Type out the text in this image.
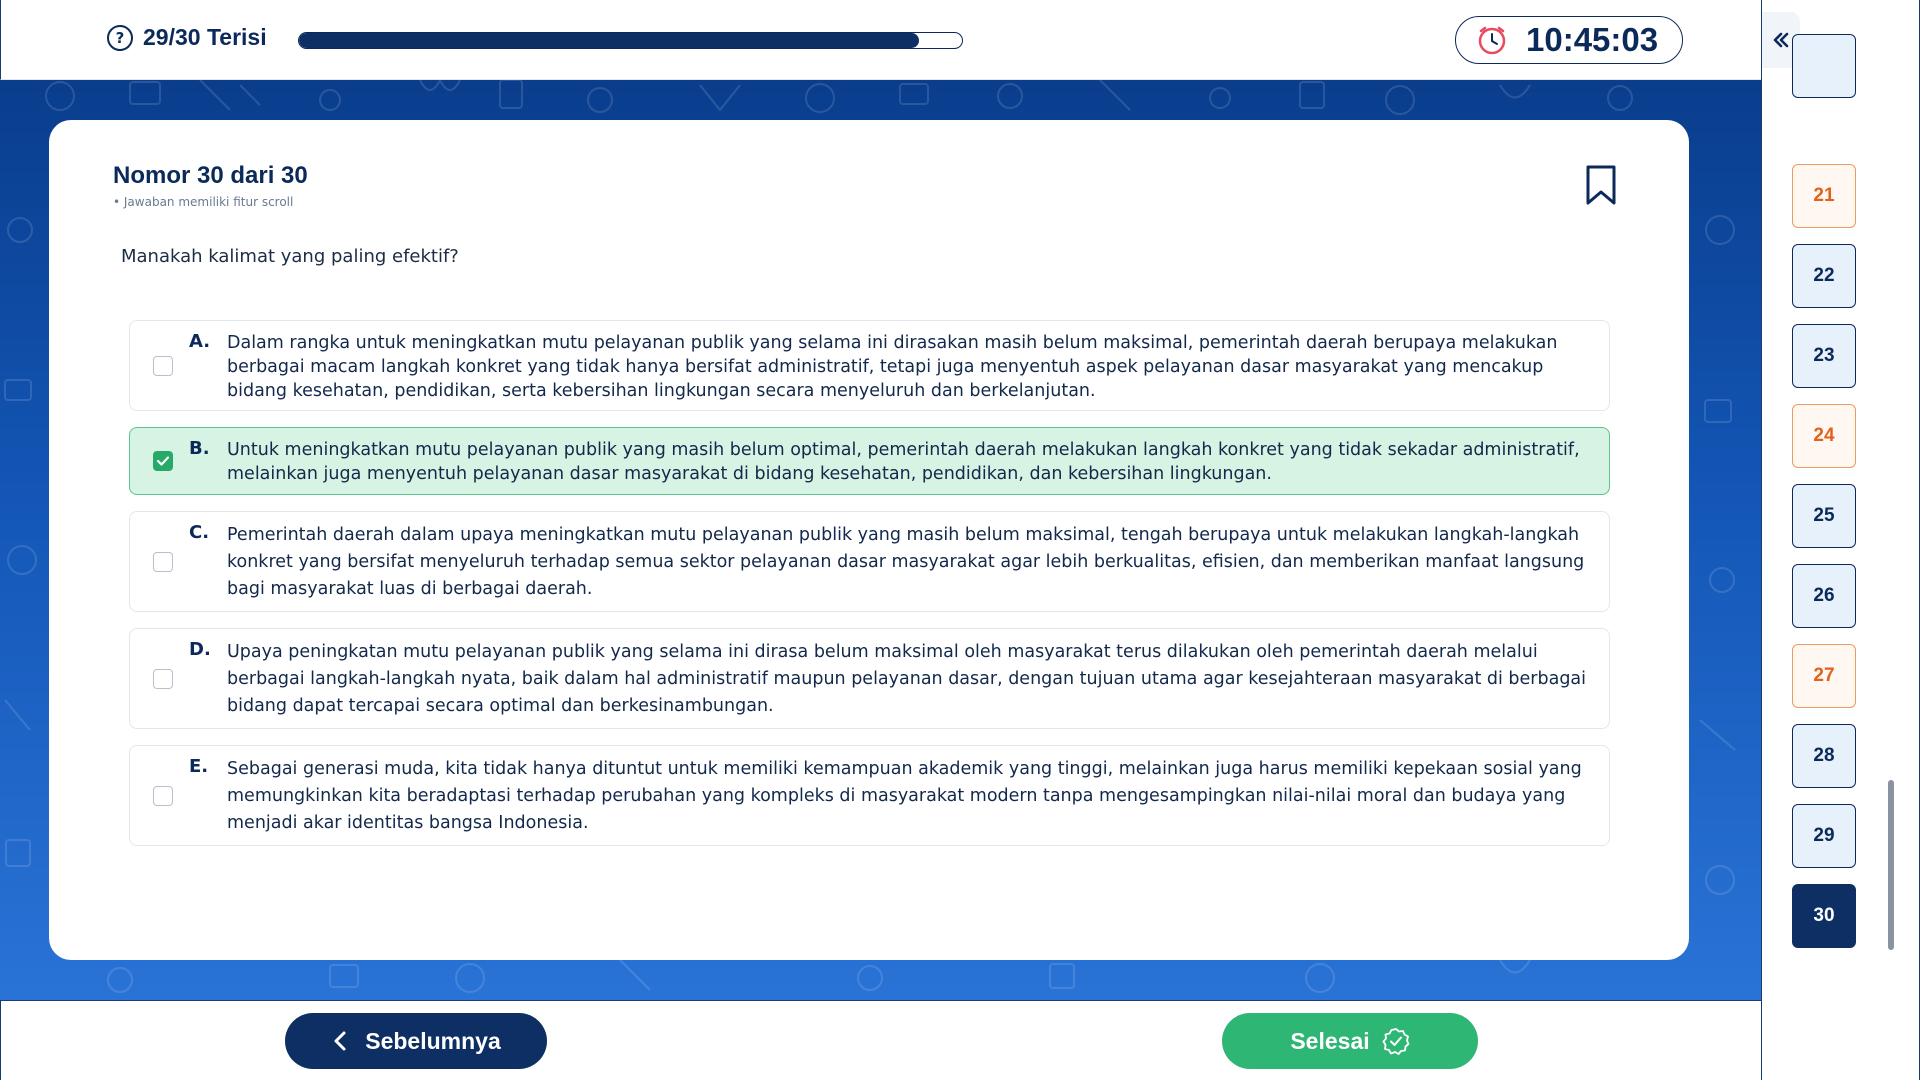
? 29/30 Terisi	10:45:03
Nomor 30 dari 30
• Jawaban memiliki fitur scroll
Manakah kalimat yang paling efektif?
A. Dalam rangka untuk meningkatkan mutu pelayanan publik yang selama ini dirasakan masih belum maksimal, pemerintah daerah berupaya melakukan berbagai macam langkah konkret yang tidak hanya bersifat administratif, tetapi juga menyentuh aspek pelayanan dasar masyarakat yang mencakup bidang kesehatan, pendidikan, serta kebersihan lingkungan secara menyeluruh dan berkelanjutan.
B. Untuk meningkatkan mutu pelayanan publik yang masih belum optimal, pemerintah daerah melakukan langkah konkret yang tidak sekadar administratif, melainkan juga menyentuh pelayanan dasar masyarakat di bidang kesehatan, pendidikan, dan kebersihan lingkungan.
C. Pemerintah daerah dalam upaya meningkatkan mutu pelayanan publik yang masih belum maksimal, tengah berupaya untuk melakukan langkah-langkah konkret yang bersifat menyeluruh terhadap semua sektor pelayanan dasar masyarakat agar lebih berkualitas, efisien, dan memberikan manfaat langsung bagi masyarakat luas di berbagai daerah.
D. Upaya peningkatan mutu pelayanan publik yang selama ini dirasa belum maksimal oleh masyarakat terus dilakukan oleh pemerintah daerah melalui berbagai langkah-langkah nyata, baik dalam hal administratif maupun pelayanan dasar, dengan tujuan utama agar kesejahteraan masyarakat di berbagai bidang dapat tercapai secara optimal dan berkesinambungan.
E. Sebagai generasi muda, kita tidak hanya dituntut untuk memiliki kemampuan akademik yang tinggi, melainkan juga harus memiliki kepekaan sosial yang memungkinkan kita beradaptasi terhadap perubahan yang kompleks di masyarakat modern tanpa mengesampingkan nilai-nilai moral dan budaya yang menjadi akar identitas bangsa Indonesia.
Sebelumnya	Selesai
21
22
23
24
25
26
27
28
29
30
